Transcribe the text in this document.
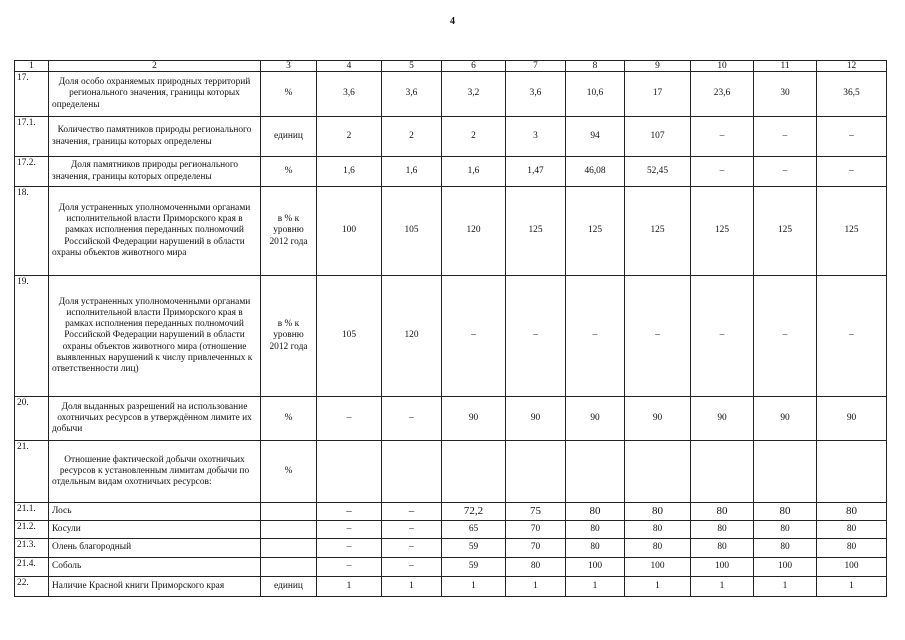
4
1	2	3	4	5	6	7	8	9	10	11	12
17.	Доля особо охраняемых природных территорий регионального значения, границы которых определены	%	3,6	3,6	3,2	3,6	10,6	17	23,6	30	36,5
17.1.	Количество памятников природы регионального значения, границы которых определены	единиц	2	2	2	3	94	107	–	–	–
17.2.	Доля памятников природы регионального значения, границы которых определены	%	1,6	1,6	1,6	1,47	46,08	52,45	–	–	–
18.	Доля устраненных уполномоченными органами исполнительной власти Приморского края в рамках исполнения переданных полномочий Российской Федерации нарушений в области охраны объектов животного мира	в % к уровню 2012 года	100	105	120	125	125	125	125	125	125
19.	Доля устраненных уполномоченными органами исполнительной власти Приморского края в рамках исполнения переданных полномочий Российской Федерации нарушений в области охраны объектов животного мира (отношение выявленных нарушений к числу привлеченных к ответственности лиц)	в % к уровню 2012 года	105	120	–	–	–	–	–	–	–
20.	Доля выданных разрешений на использование охотничьих ресурсов в утверждённом лимите их добычи	%	–	–	90	90	90	90	90	90	90
21.	Отношение фактической добычи охотничьих ресурсов к установленным лимитам добычи по отдельным видам охотничьих ресурсов:	%									
21.1.	Лось		–	–	72,2	75	80	80	80	80	80
21.2.	Косули		–	–	65	70	80	80	80	80	80
21.3.	Олень благородный		–	–	59	70	80	80	80	80	80
21.4.	Соболь		–	–	59	80	100	100	100	100	100
22.	Наличие Красной книги Приморского края	единиц	1	1	1	1	1	1	1	1	1
